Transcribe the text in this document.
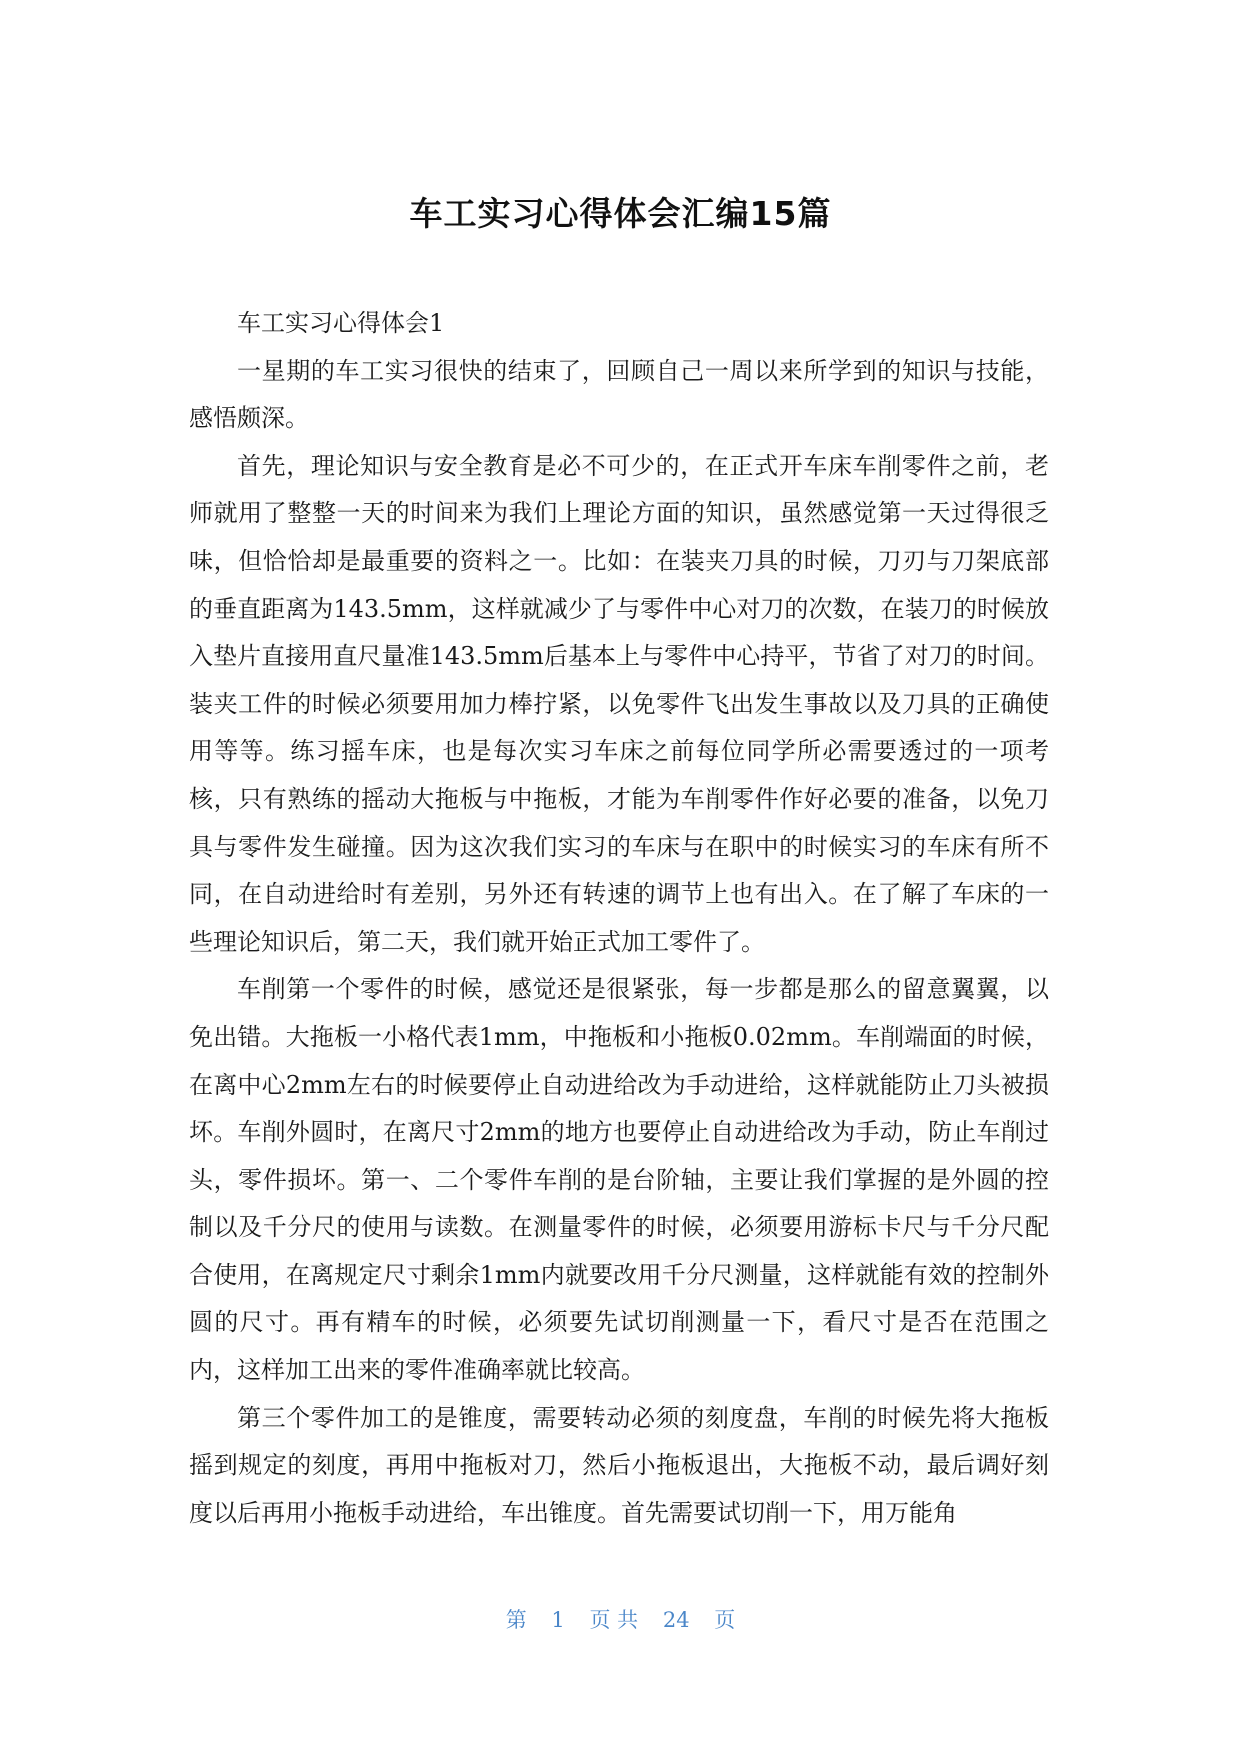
车工实习心得体会汇编15篇

车工实习心得体会1

一星期的车工实习很快的结束了，回顾自己一周以来所学到的知识与技能，感悟颇深。

首先，理论知识与安全教育是必不可少的，在正式开车床车削零件之前，老师就用了整整一天的时间来为我们上理论方面的知识，虽然感觉第一天过得很乏味，但恰恰却是最重要的资料之一。比如：在装夹刀具的时候，刀刃与刀架底部的垂直距离为143.5mm，这样就减少了与零件中心对刀的次数，在装刀的时候放入垫片直接用直尺量准143.5mm后基本上与零件中心持平，节省了对刀的时间。装夹工件的时候必须要用加力棒拧紧，以免零件飞出发生事故以及刀具的正确使用等等。练习摇车床，也是每次实习车床之前每位同学所必需要透过的一项考核，只有熟练的摇动大拖板与中拖板，才能为车削零件作好必要的准备，以免刀具与零件发生碰撞。因为这次我们实习的车床与在职中的时候实习的车床有所不同，在自动进给时有差别，另外还有转速的调节上也有出入。在了解了车床的一些理论知识后，第二天，我们就开始正式加工零件了。

车削第一个零件的时候，感觉还是很紧张，每一步都是那么的留意翼翼，以免出错。大拖板一小格代表1mm，中拖板和小拖板0.02mm。车削端面的时候，在离中心2mm左右的时候要停止自动进给改为手动进给，这样就能防止刀头被损坏。车削外圆时，在离尺寸2mm的地方也要停止自动进给改为手动，防止车削过头，零件损坏。第一、二个零件车削的是台阶轴，主要让我们掌握的是外圆的控制以及千分尺的使用与读数。在测量零件的时候，必须要用游标卡尺与千分尺配合使用，在离规定尺寸剩余1mm内就要改用千分尺测量，这样就能有效的控制外圆的尺寸。再有精车的时候，必须要先试切削测量一下，看尺寸是否在范围之内，这样加工出来的零件准确率就比较高。

第三个零件加工的是锥度，需要转动必须的刻度盘，车削的时候先将大拖板摇到规定的刻度，再用中拖板对刀，然后小拖板退出，大拖板不动，最后调好刻度以后再用小拖板手动进给，车出锥度。首先需要试切削一下，用万能角

第 1 页 共 24 页
